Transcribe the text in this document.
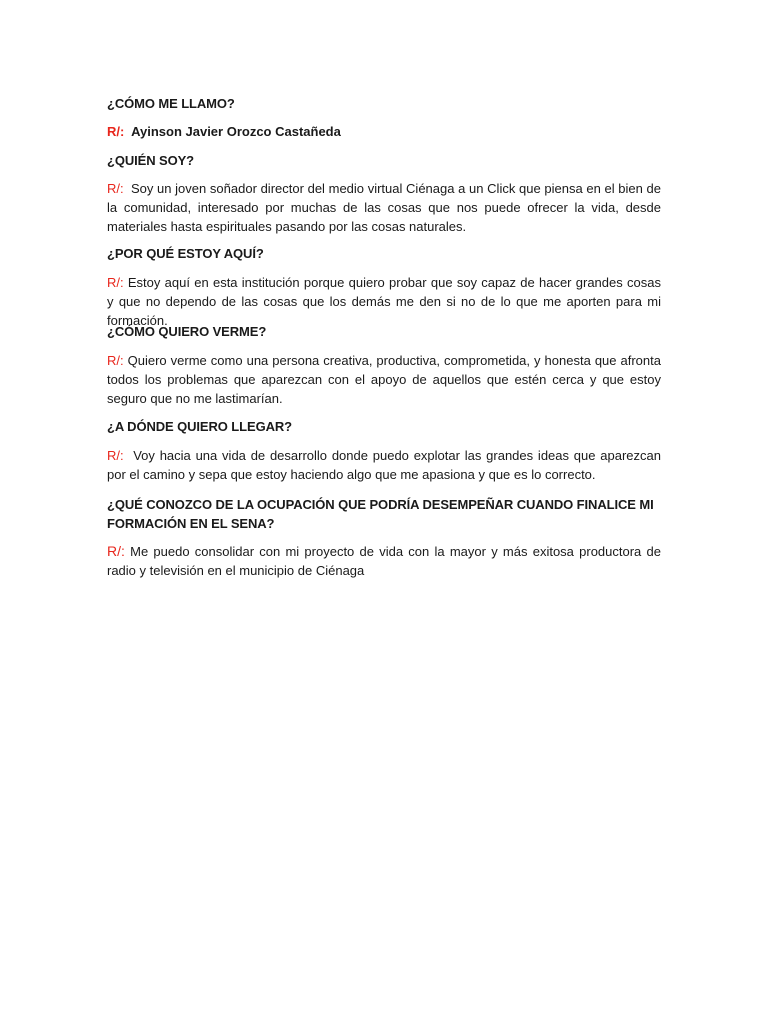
¿CÓMO ME LLAMO?

R/: Ayinson Javier Orozco Castañeda

¿QUIÉN SOY?

R/: Soy un joven soñador director del medio virtual Ciénaga a un Click que piensa en el bien de la comunidad, interesado por muchas de las cosas que nos puede ofrecer la vida, desde materiales hasta espirituales pasando por las cosas naturales.

¿POR QUÉ ESTOY AQUÍ?

R/: Estoy aquí en esta institución porque quiero probar que soy capaz de hacer grandes cosas y que no dependo de las cosas que los demás me den si no de lo que me aporten para mi formación.

¿CÓMO QUIERO VERME?

R/: Quiero verme como una persona creativa, productiva, comprometida, y honesta que afronta todos los problemas que aparezcan con el apoyo de aquellos que estén cerca y que estoy seguro que no me lastimarían.

¿A DÓNDE QUIERO LLEGAR?

R/: Voy hacia una vida de desarrollo donde puedo explotar las grandes ideas que aparezcan por el camino y sepa que estoy haciendo algo que me apasiona y que es lo correcto.

¿QUÉ CONOZCO DE LA OCUPACIÓN QUE PODRÍA DESEMPEÑAR CUANDO FINALICE MI FORMACIÓN EN EL SENA?

R/: Me puedo consolidar con mi proyecto de vida con la mayor y más exitosa productora de radio y televisión en el municipio de Ciénaga
